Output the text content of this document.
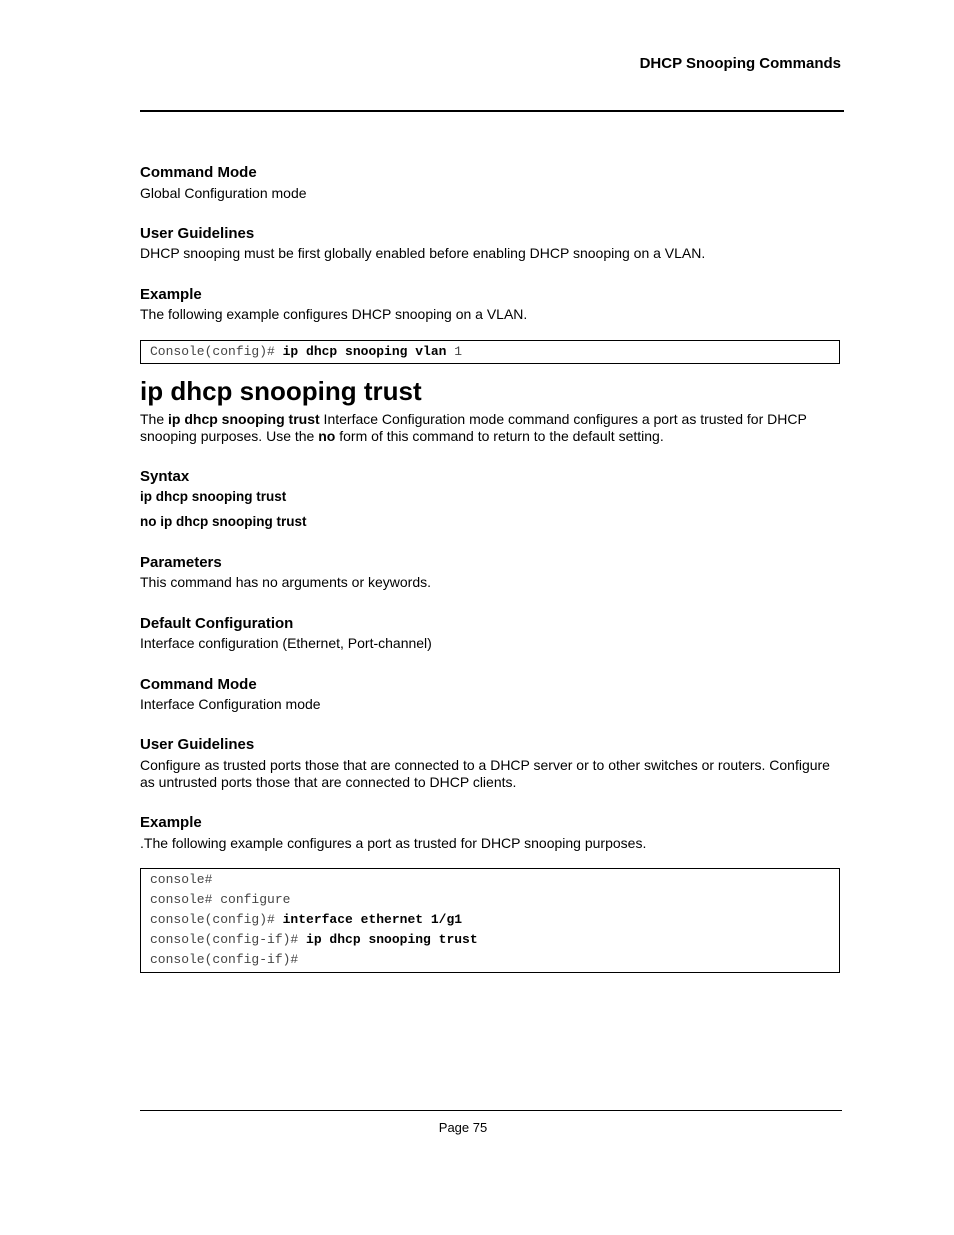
DHCP Snooping Commands
Command Mode
Global Configuration mode
User Guidelines
DHCP snooping must be first globally enabled before enabling DHCP snooping on a VLAN.
Example
The following example configures DHCP snooping on a VLAN.
Console(config)# ip dhcp snooping vlan 1
ip dhcp snooping trust
The ip dhcp snooping trust Interface Configuration mode command configures a port as trusted for DHCP snooping purposes. Use the no form of this command to return to the default setting.
Syntax
ip dhcp snooping trust
no ip dhcp snooping trust
Parameters
This command has no arguments or keywords.
Default Configuration
Interface configuration (Ethernet, Port-channel)
Command Mode
Interface Configuration mode
User Guidelines
Configure as trusted ports those that are connected to a DHCP server or to other switches or routers. Configure as untrusted ports those that are connected to DHCP clients.
Example
.The following example configures a port as trusted for DHCP snooping purposes.
console#
console# configure
console(config)# interface ethernet 1/g1
console(config-if)# ip dhcp snooping trust
console(config-if)#
Page 75
